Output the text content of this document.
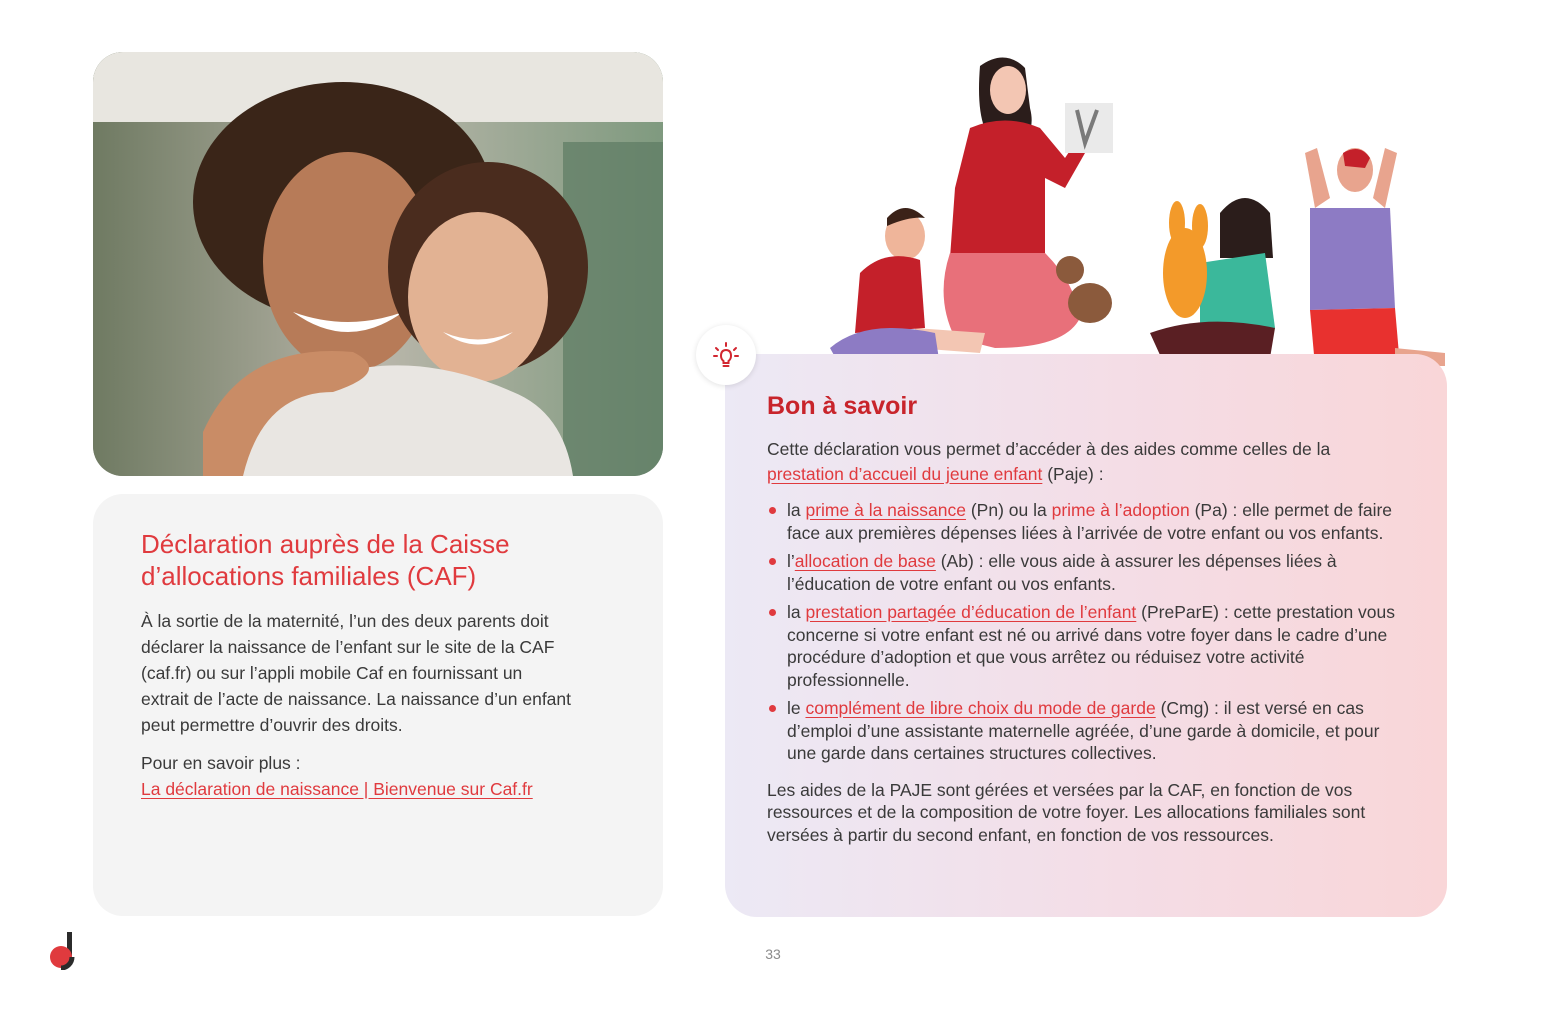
Déclaration auprès de la Caisse d’allocations familiales (CAF)

À la sortie de la maternité, l’un des deux parents doit déclarer la naissance de l’enfant sur le site de la CAF (caf.fr) ou sur l’appli mobile Caf en fournissant un extrait de l’acte de naissance. La naissance d’un enfant peut permettre d’ouvrir des droits.

Pour en savoir plus :
La déclaration de naissance | Bienvenue sur Caf.fr

Bon à savoir

Cette déclaration vous permet d’accéder à des aides comme celles de la
prestation d’accueil du jeune enfant (Paje) :

la prime à la naissance (Pn) ou la prime à l’adoption (Pa) : elle permet de faire face aux premières dépenses liées à l’arrivée de votre enfant ou vos enfants.
l’allocation de base (Ab) : elle vous aide à assurer les dépenses liées à l’éducation de votre enfant ou vos enfants.
la prestation partagée d’éducation de l’enfant (PreParE) : cette prestation vous concerne si votre enfant est né ou arrivé dans votre foyer dans le cadre d’une procédure d’adoption et que vous arrêtez ou réduisez votre activité professionnelle.
le complément de libre choix du mode de garde (Cmg) : il est versé en cas d’emploi d’une assistante maternelle agréée, d’une garde à domicile, et pour une garde dans certaines structures collectives.

Les aides de la PAJE sont gérées et versées par la CAF, en fonction de vos ressources et de la composition de votre foyer. Les allocations familiales sont versées à partir du second enfant, en fonction de vos ressources.

33
